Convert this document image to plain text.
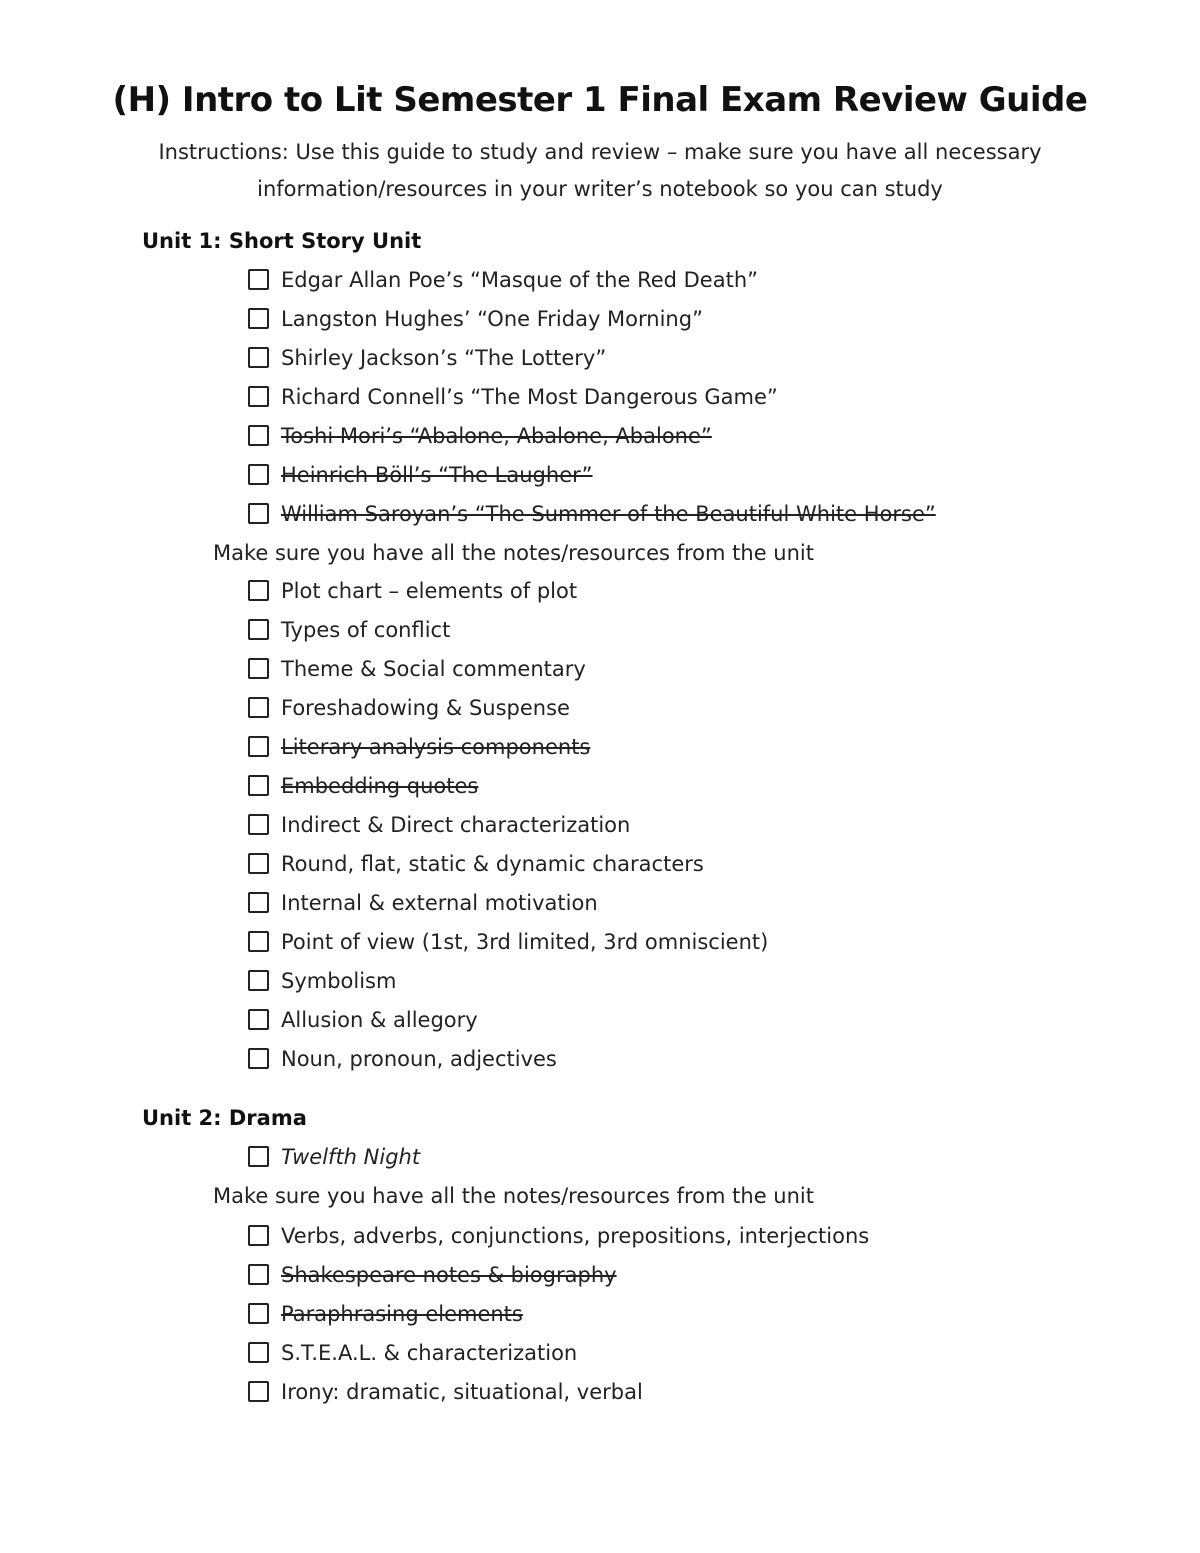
(H) Intro to Lit Semester 1 Final Exam Review Guide

Instructions: Use this guide to study and review – make sure you have all necessary information/resources in your writer’s notebook so you can study

Unit 1: Short Story Unit
Edgar Allan Poe’s “Masque of the Red Death”
Langston Hughes’ “One Friday Morning”
Shirley Jackson’s “The Lottery”
Richard Connell’s “The Most Dangerous Game”
Toshi Mori’s “Abalone, Abalone, Abalone”
Heinrich Böll’s “The Laugher”
William Saroyan’s “The Summer of the Beautiful White Horse”

Make sure you have all the notes/resources from the unit

Plot chart – elements of plot
Types of conflict
Theme & Social commentary
Foreshadowing & Suspense
Literary analysis components
Embedding quotes
Indirect & Direct characterization
Round, flat, static & dynamic characters
Internal & external motivation
Point of view (1st, 3rd limited, 3rd omniscient)
Symbolism
Allusion & allegory
Noun, pronoun, adjectives
Unit 2: Drama
Twelfth Night

Make sure you have all the notes/resources from the unit

Verbs, adverbs, conjunctions, prepositions, interjections
Shakespeare notes & biography
Paraphrasing elements
S.T.E.A.L. & characterization
Irony: dramatic, situational, verbal
